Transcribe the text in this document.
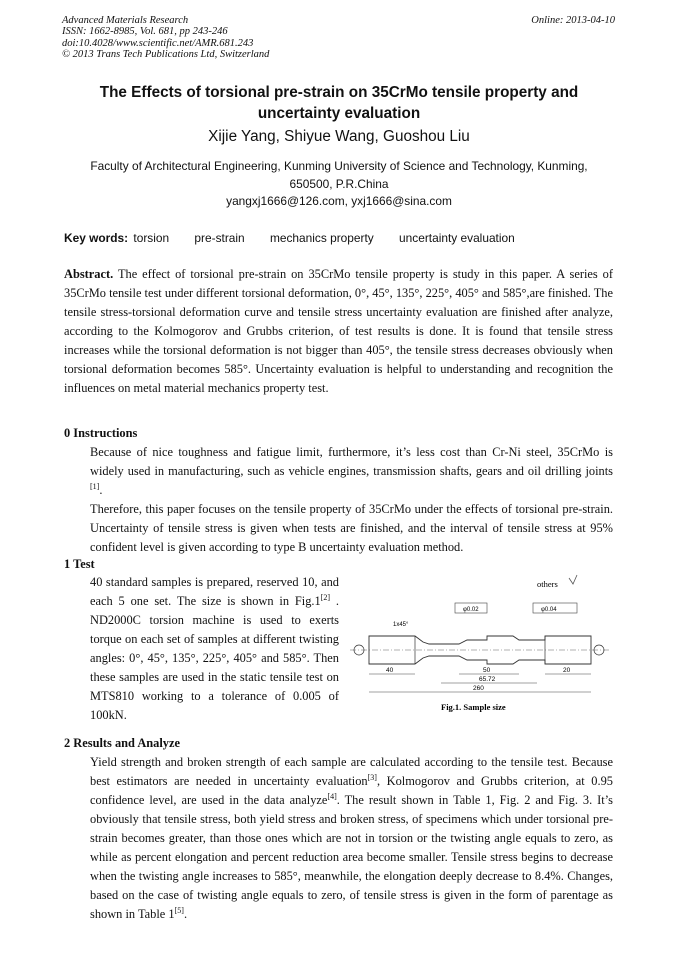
Advanced Materials Research
ISSN: 1662-8985, Vol. 681, pp 243-246
doi:10.4028/www.scientific.net/AMR.681.243
© 2013 Trans Tech Publications Ltd, Switzerland
Online: 2013-04-10
The Effects of torsional pre-strain on 35CrMo tensile property and uncertainty evaluation
Xijie Yang, Shiyue Wang, Guoshou Liu
Faculty of Architectural Engineering, Kunming University of Science and Technology, Kunming,
650500, P.R.China
yangxj1666@126.com, yxj1666@sina.com
Key words: torsion pre-strain mechanics property uncertainty evaluation
Abstract. The effect of torsional pre-strain on 35CrMo tensile property is study in this paper. A series of 35CrMo tensile test under different torsional deformation, 0°, 45°, 135°, 225°, 405° and 585°,are finished. The tensile stress-torsional deformation curve and tensile stress uncertainty evaluation are finished after analyze, according to the Kolmogorov and Grubbs criterion, of test results is done. It is found that tensile stress increases while the torsional deformation is not bigger than 405°, the tensile stress decreases obviously when torsional deformation becomes 585°. Uncertainty evaluation is helpful to understanding and recognition the influences on metal material mechanics property test.
0 Instructions
Because of nice toughness and fatigue limit, furthermore, it’s less cost than Cr-Ni steel, 35CrMo is widely used in manufacturing, such as vehicle engines, transmission shafts, gears and oil drilling joints [1].
Therefore, this paper focuses on the tensile property of 35CrMo under the effects of torsional pre-strain. Uncertainty of tensile stress is given when tests are finished, and the interval of tensile stress at 95% confident level is given according to type B uncertainty evaluation method.
1 Test
40 standard samples is prepared, reserved 10, and each 5 one set. The size is shown in Fig.1[2] . ND2000C torsion machine is used to exerts torque on each set of samples at different twisting angles: 0°, 45°, 135°, 225°, 405° and 585°. Then these samples are used in the static tensile test on MTS810 working to a tolerance of 0.005 of 100kN.
others
φ0.02	φ0.04
1x45°
40	50
65.72
20
260
Fig.1. Sample size
2 Results and Analyze
Yield strength and broken strength of each sample are calculated according to the tensile test. Because best estimators are needed in uncertainty evaluation[3], Kolmogorov and Grubbs criterion, at 0.95 confidence level, are used in the data analyze[4]. The result shown in Table 1, Fig. 2 and Fig. 3. It’s obviously that tensile stress, both yield stress and broken stress, of specimens which under torsional pre-strain becomes greater, than those ones which are not in torsion or the twisting angle equals to zero, as while as percent elongation and percent reduction area become smaller. Tensile stress begins to decrease when the twisting angle increases to 585°, meanwhile, the elongation deeply decrease to 8.4%. Changes, based on the case of twisting angle equals to zero, of tensile stress is given in the form of parentage as shown in Table 1[5].
